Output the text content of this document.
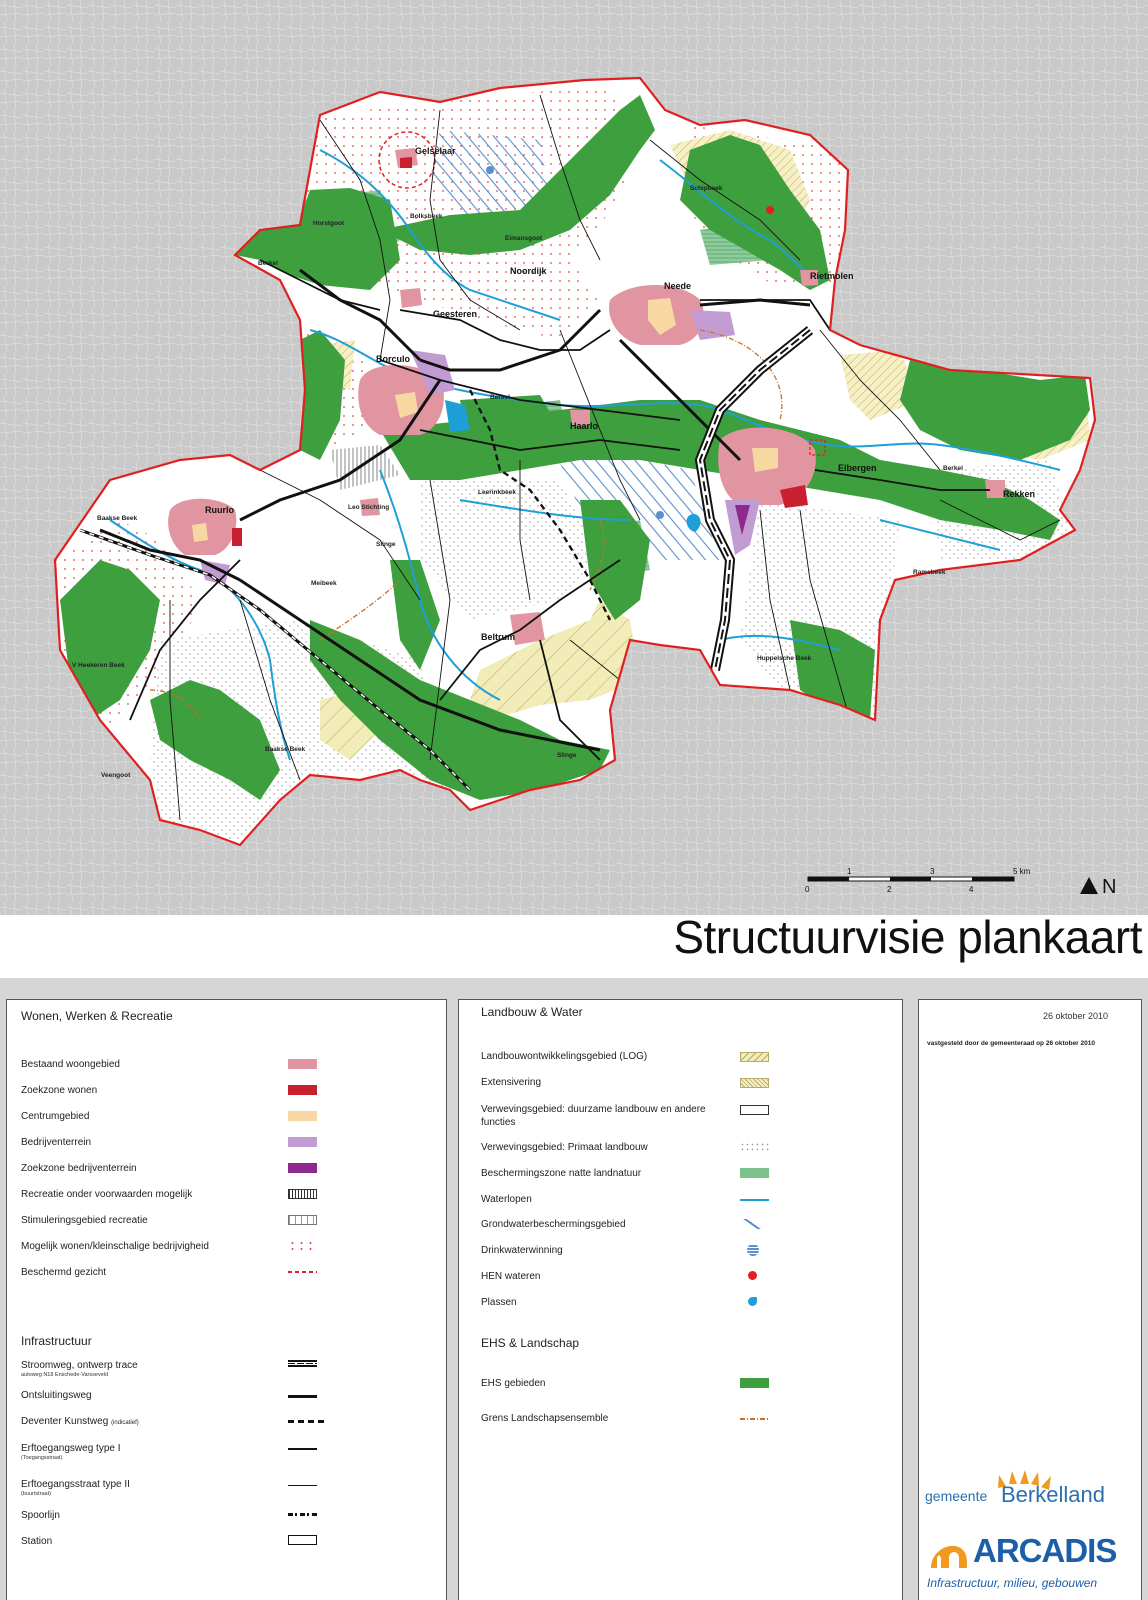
Gelselaar
Horstgoot
Bolksbeek
Eimansgoot
Noordijk
Berkel
Geesteren
Borculo
Berkel
Neede
Rietmolen
Schipbeek
Haarlo
Eibergen	Berkel
Rekken
Ramsbeek
Leerinkbeek
Leo Stichting
Slinge
Ruurlo
Baakse Beek
Meibeek
V Heekeren Beek
Beltrum
Huppelsche Beek
Baakse Beek
Veengoot
Slinge
1	3	5 km
0	2	4	N
Structuurvisie plankaart
Wonen, Werken & Recreatie
Bestaand woongebied
Zoekzone wonen
Centrumgebied
Bedrijventerrein
Zoekzone bedrijventerrein
Recreatie onder voorwaarden mogelijk
Stimuleringsgebied recreatie
Mogelijk wonen/kleinschalige bedrijvigheid
Beschermd gezicht
Infrastructuur
Stroomweg, ontwerp trace
autoweg N18 Enschede-Varsseveld
Ontsluitingsweg
Deventer Kunstweg (indicatief)
Erftoegangsweg type I
(Toegangsstraat)
Erftoegangsstraat type II
(buurtstraat)
Spoorlijn
Station
Landbouw & Water
Landbouwontwikkelingsgebied (LOG)
Extensivering
Verwevingsgebied: duurzame landbouw en andere functies
Verwevingsgebied: Primaat landbouw
Beschermingszone natte landnatuur
Waterlopen
Grondwaterbeschermingsgebied
Drinkwaterwinning
HEN wateren
Plassen
EHS & Landschap
EHS gebieden
Grens Landschapsensemble
26 oktober 2010
vastgesteld door de gemeenteraad op 26 oktober 2010
gemeente Berkelland
ARCADIS
Infrastructuur, milieu, gebouwen
